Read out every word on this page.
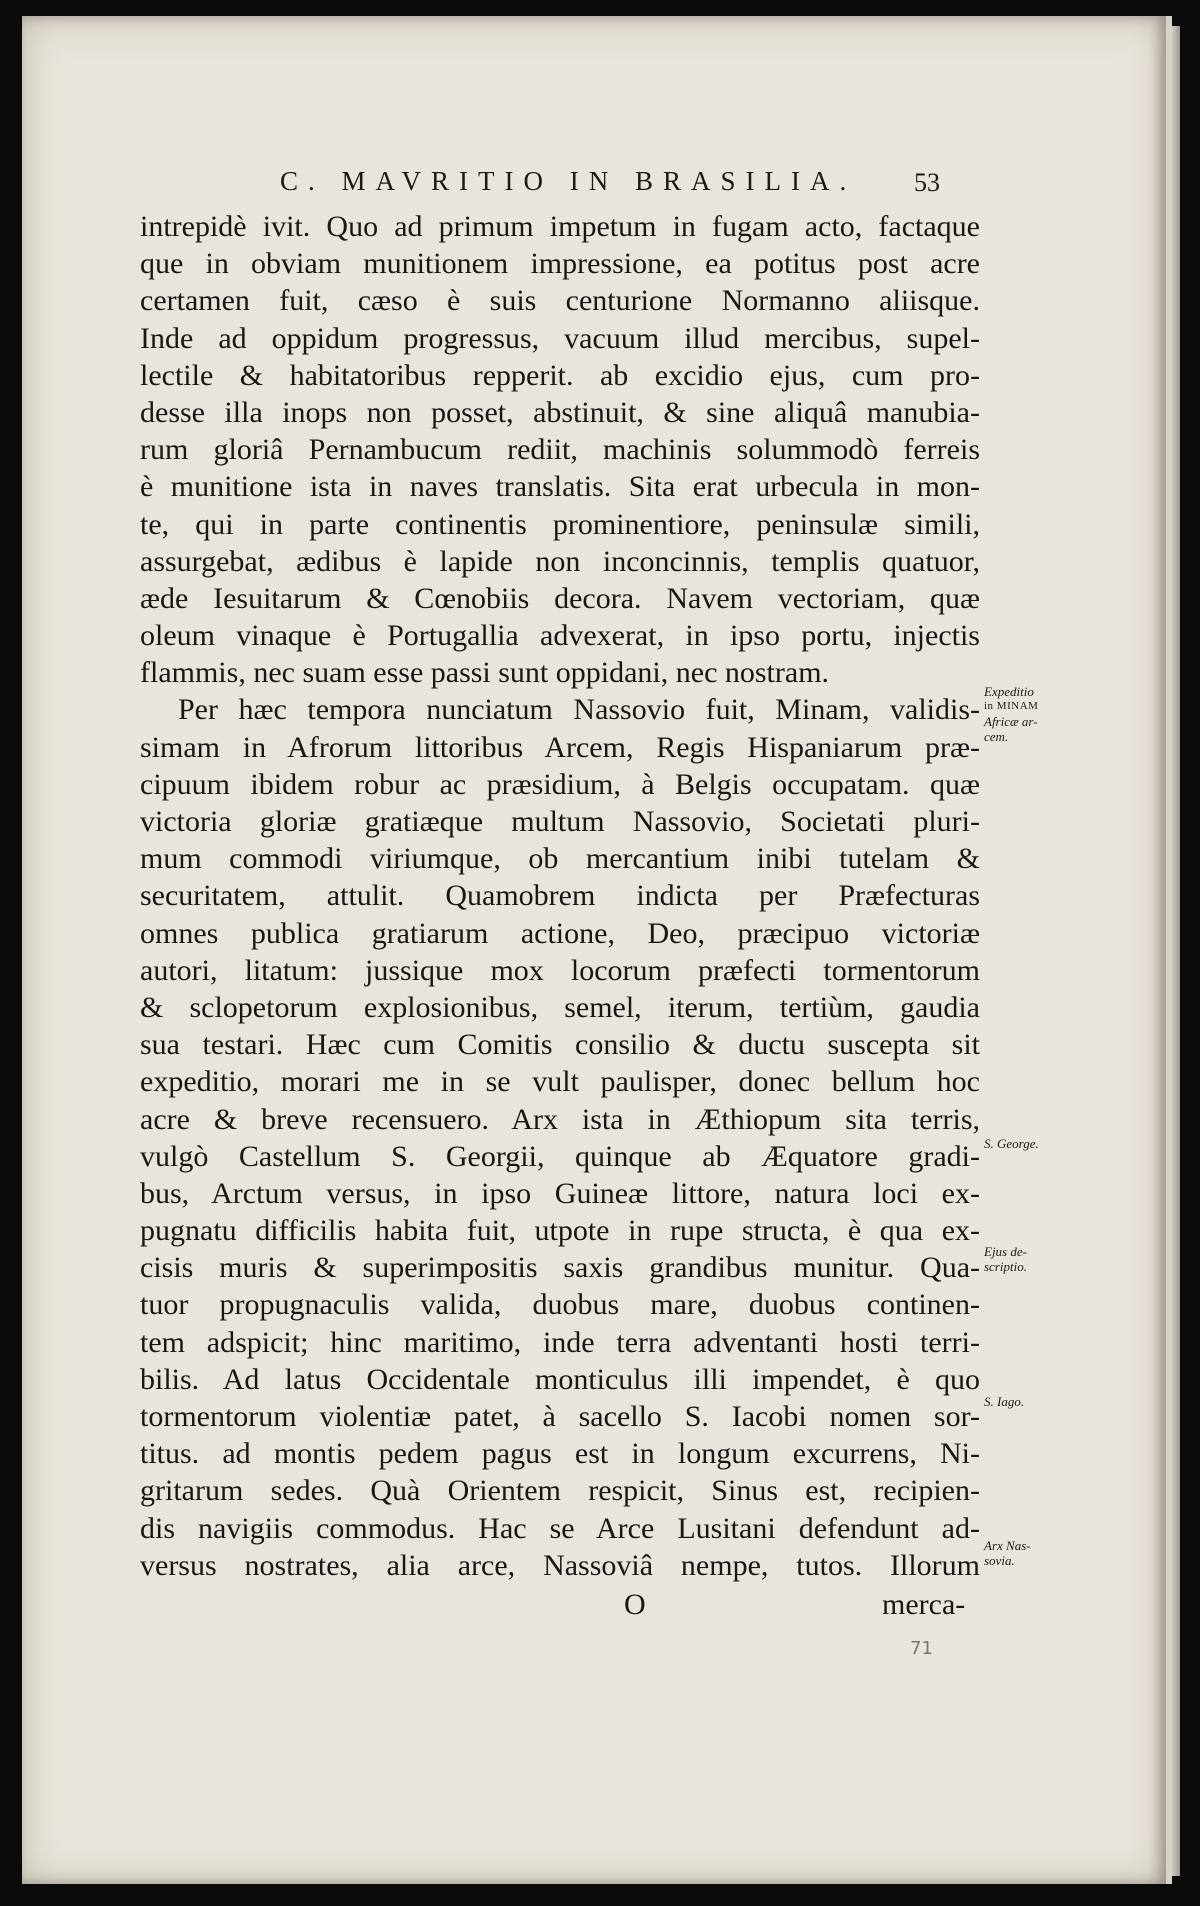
C. MAVRITIO IN BRASILIA. 53
intrepidè ivit. Quo ad primum impetum in fugam acto, factaque
que in obviam munitionem impressione, ea potitus post acre
certamen fuit, cæso è suis centurione Normanno aliisque.
Inde ad oppidum progressus, vacuum illud mercibus, supel-
lectile & habitatoribus repperit. ab excidio ejus, cum pro-
desse illa inops non posset, abstinuit, & sine aliquâ manubia-
rum gloriâ Pernambucum rediit, machinis solummodò ferreis
è munitione ista in naves translatis. Sita erat urbecula in mon-
te, qui in parte continentis prominentiore, peninsulæ simili,
assurgebat, ædibus è lapide non inconcinnis, templis quatuor,
æde Iesuitarum & Cœnobiis decora. Navem vectoriam, quæ
oleum vinaque è Portugallia advexerat, in ipso portu, injectis
flammis, nec suam esse passi sunt oppidani, nec nostram.
Per hæc tempora nunciatum Nassovio fuit, Minam, validis-
simam in Afrorum littoribus Arcem, Regis Hispaniarum præ-
cipuum ibidem robur ac præsidium, à Belgis occupatam. quæ
victoria gloriæ gratiæque multum Nassovio, Societati pluri-
mum commodi viriumque, ob mercantium inibi tutelam &
securitatem, attulit. Quamobrem indicta per Præfecturas
omnes publica gratiarum actione, Deo, præcipuo victoriæ
autori, litatum: jussique mox locorum præfecti tormentorum
& sclopetorum explosionibus, semel, iterum, tertiùm, gaudia
sua testari. Hæc cum Comitis consilio & ductu suscepta sit
expeditio, morari me in se vult paulisper, donec bellum hoc
acre & breve recensuero. Arx ista in Æthiopum sita terris,
vulgò Castellum S. Georgii, quinque ab Æquatore gradi-
bus, Arctum versus, in ipso Guineæ littore, natura loci ex-
pugnatu difficilis habita fuit, utpote in rupe structa, è qua ex-
cisis muris & superimpositis saxis grandibus munitur. Qua-
tuor propugnaculis valida, duobus mare, duobus continen-
tem adspicit; hinc maritimo, inde terra adventanti hosti terri-
bilis. Ad latus Occidentale monticulus illi impendet, è quo
tormentorum violentiæ patet, à sacello S. Iacobi nomen sor-
titus. ad montis pedem pagus est in longum excurrens, Ni-
gritarum sedes. Quà Orientem respicit, Sinus est, recipien-
dis navigiis commodus. Hac se Arce Lusitani defendunt ad-
versus nostrates, alia arce, Nassoviâ nempe, tutos. Illorum
Expeditio
in MINAM
Africæ ar-
cem.
S. George.
Ejus de-
scriptio.
S. Iago.
Arx Nas-
sovia.
O	merca-
71
